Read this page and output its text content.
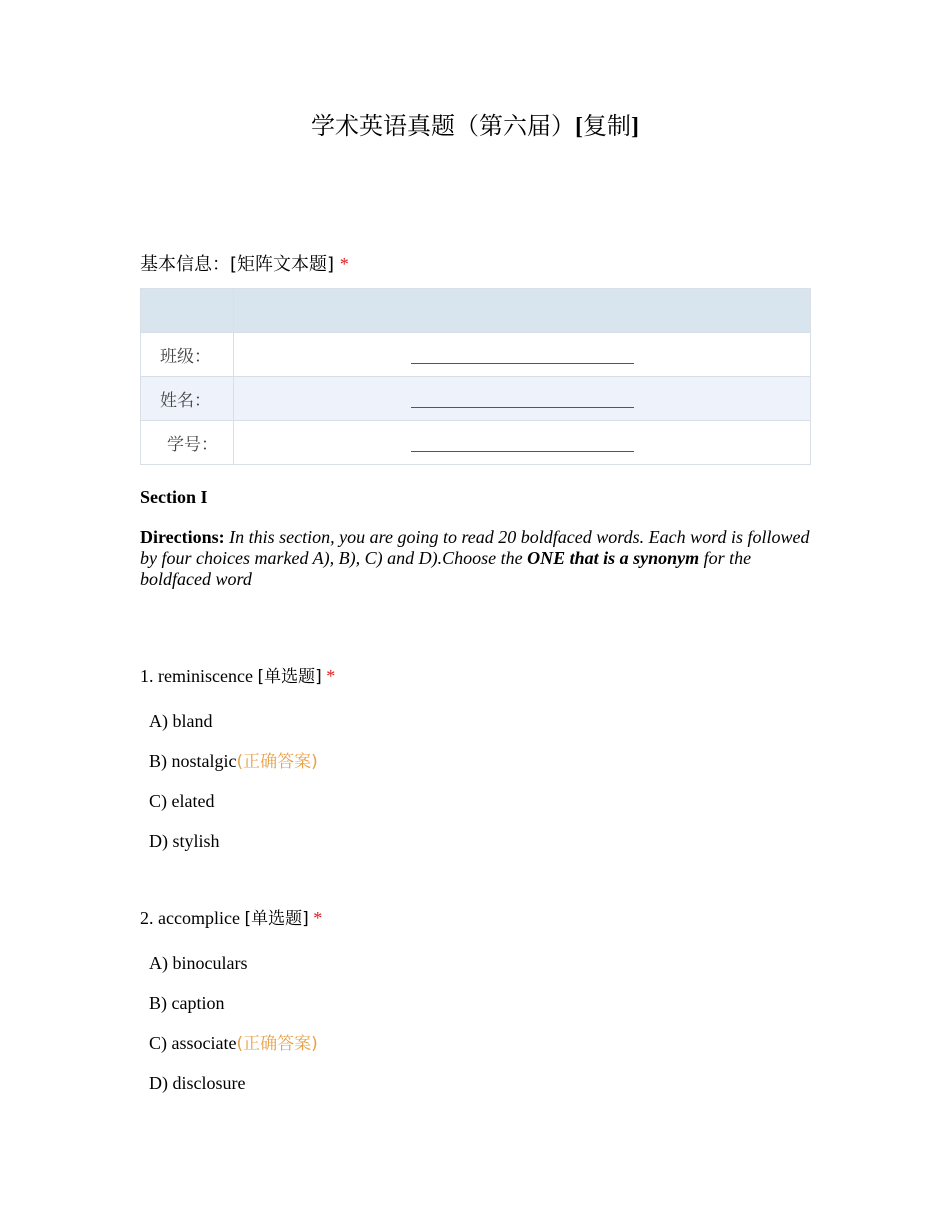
学术英语真题（第六届）[复制]
基本信息：[矩阵文本题] *

班级：	
姓名：	
学号：	
Section I
Directions: In this section, you are going to read 20 boldfaced words. Each word is followed by four choices marked A), B), C) and D).Choose the ONE that is a synonym for the boldfaced word
1. reminiscence [单选题] *
A) bland
B) nostalgic(正确答案)
C) elated
D) stylish
2. accomplice [单选题] *
A) binoculars
B) caption
C) associate(正确答案)
D) disclosure
